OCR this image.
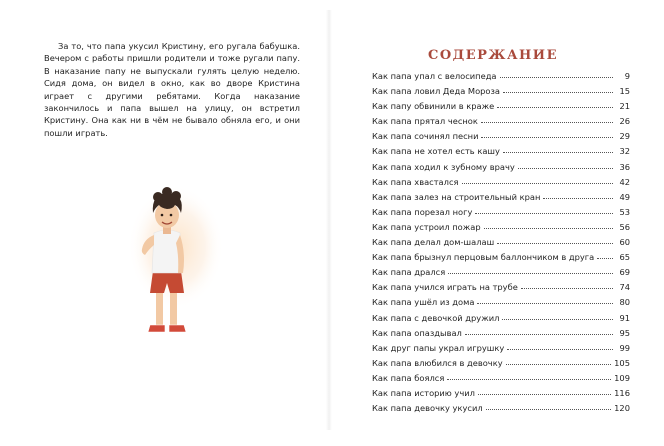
За то, что папа укусил Кристину, его ругала бабушка. Вечером с работы пришли родители и тоже ругали папу. В наказание папу не выпускали гулять целую неделю. Сидя дома, он видел в окно, как во дворе Кристина играет с другими ребятами. Когда наказание закончилось и папа вышел на улицу, он встретил Кристину. Она как ни в чём не бывало обняла его, и они пошли играть.

СОДЕРЖАНИЕ
Как папа упал с велосипеда	9
Как папа ловил Деда Мороза	15
Как папу обвинили в краже	21
Как папа прятал чеснок	26
Как папа сочинял песни	29
Как папа не хотел есть кашу	32
Как папа ходил к зубному врачу	36
Как папа хвастался	42
Как папа залез на строительный кран	49
Как папа порезал ногу	53
Как папа устроил пожар	56
Как папа делал дом-шалаш	60
Как папа брызнул перцовым баллончиком в друга	65
Как папа дрался	69
Как папа учился играть на трубе	74
Как папа ушёл из дома	80
Как папа с девочкой дружил	91
Как папа опаздывал	95
Как друг папы украл игрушку	99
Как папа влюбился в девочку	105
Как папа боялся	109
Как папа историю учил	116
Как папа девочку укусил	120
